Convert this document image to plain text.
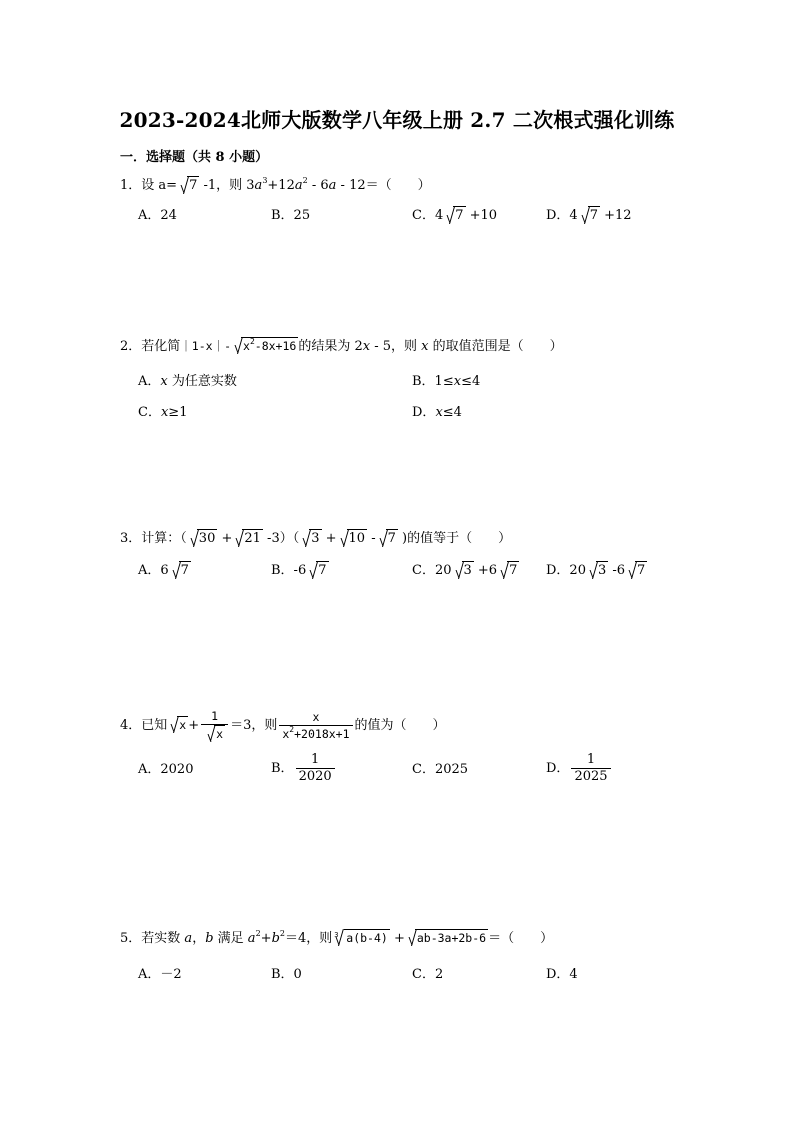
2023-2024北师大版数学八年级上册 2.7 二次根式强化训练
一．选择题（共 8 小题）
1．设 a= 7 -1，则 $3a^3+12a^2 - 6a - 12=$（　　）
A．24	B．25	C．4 7 +10	D．4 7 +12
2．若化简｜1-x｜- $x^2-8x+16$ 的结果为 2x - 5，则 x 的取值范围是（　　）
A．x 为任意实数	B．1≤x≤4
C．x≥1	D．x≤4
3．计算：（ 30 + 21 -3）（ 3 + 10 - 7 )的值等于（　　）
A．6 7	B．-6 7	C．20 3 +6 7 D．20 3 -6 7
4．已知 $x + \frac{1}{x} =3$，则 $\frac{x}{x^2+2018x+1}$ 的值为（　　）
A．2020	B． $\frac{1}{2020}$	C．2025	D． $\frac{1}{2025}$
5．若实数 a，b 满足 $a^2+b^2=4$，则 3 a(b-4) + ab-3a+2b-6 ＝（　　）
A．－2	B．0	C．2	D．4
